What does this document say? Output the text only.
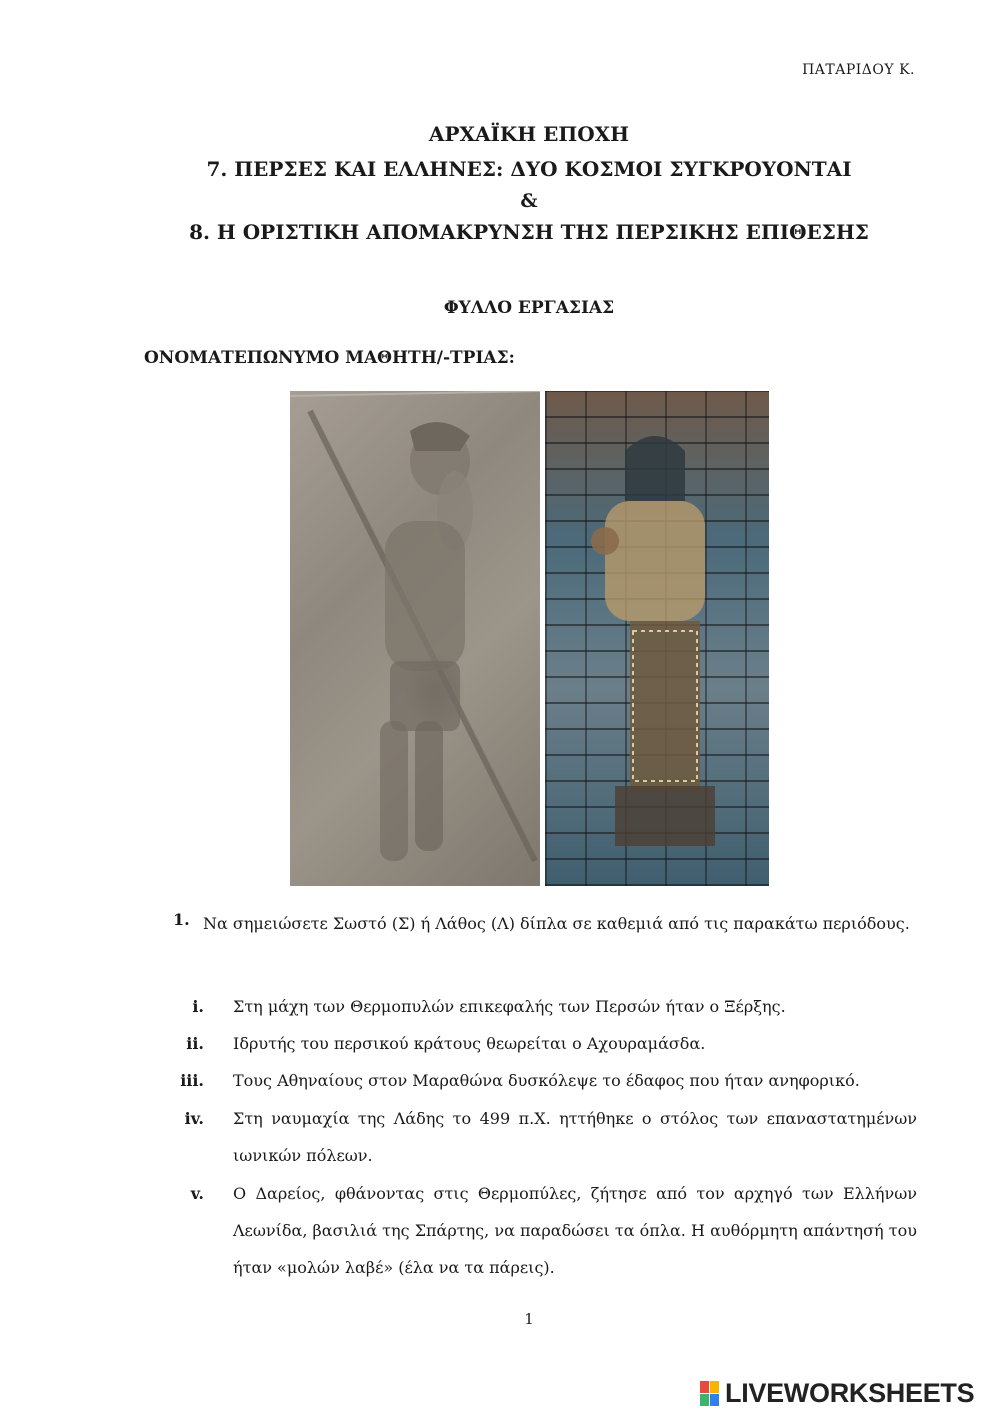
ΠΑΤΑΡΙΔΟΥ Κ.
ΑΡΧΑΪΚΗ ΕΠΟΧΗ
7. ΠΕΡΣΕΣ ΚΑΙ ΕΛΛΗΝΕΣ: ΔΥΟ ΚΟΣΜΟΙ ΣΥΓΚΡΟΥΟΝΤΑΙ
&
8. Η ΟΡΙΣΤΙΚΗ ΑΠΟΜΑΚΡΥΝΣΗ ΤΗΣ ΠΕΡΣΙΚΗΣ ΕΠΙΘΕΣΗΣ
ΦΥΛΛΟ ΕΡΓΑΣΙΑΣ
ΟΝΟΜΑΤΕΠΩΝΥΜΟ ΜΑΘΗΤΗ/-ΤΡΙΑΣ:
1. Να σημειώσετε Σωστό (Σ) ή Λάθος (Λ) δίπλα σε καθεμιά από τις παρακάτω περιόδους.
i. Στη μάχη των Θερμοπυλών επικεφαλής των Περσών ήταν ο Ξέρξης.
ii. Ιδρυτής του περσικού κράτους θεωρείται ο Αχουραμάσδα.
iii. Τους Αθηναίους στον Μαραθώνα δυσκόλεψε το έδαφος που ήταν ανηφορικό.
iv. Στη ναυμαχία της Λάδης το 499 π.Χ. ηττήθηκε ο στόλος των επαναστατημένων ιωνικών πόλεων.
v. Ο Δαρείος, φθάνοντας στις Θερμοπύλες, ζήτησε από τον αρχηγό των Ελλήνων Λεωνίδα, βασιλιά της Σπάρτης, να παραδώσει τα όπλα. Η αυθόρμητη απάντησή του ήταν «μολών λαβέ» (έλα να τα πάρεις).
1
LIVEWORKSHEETS
